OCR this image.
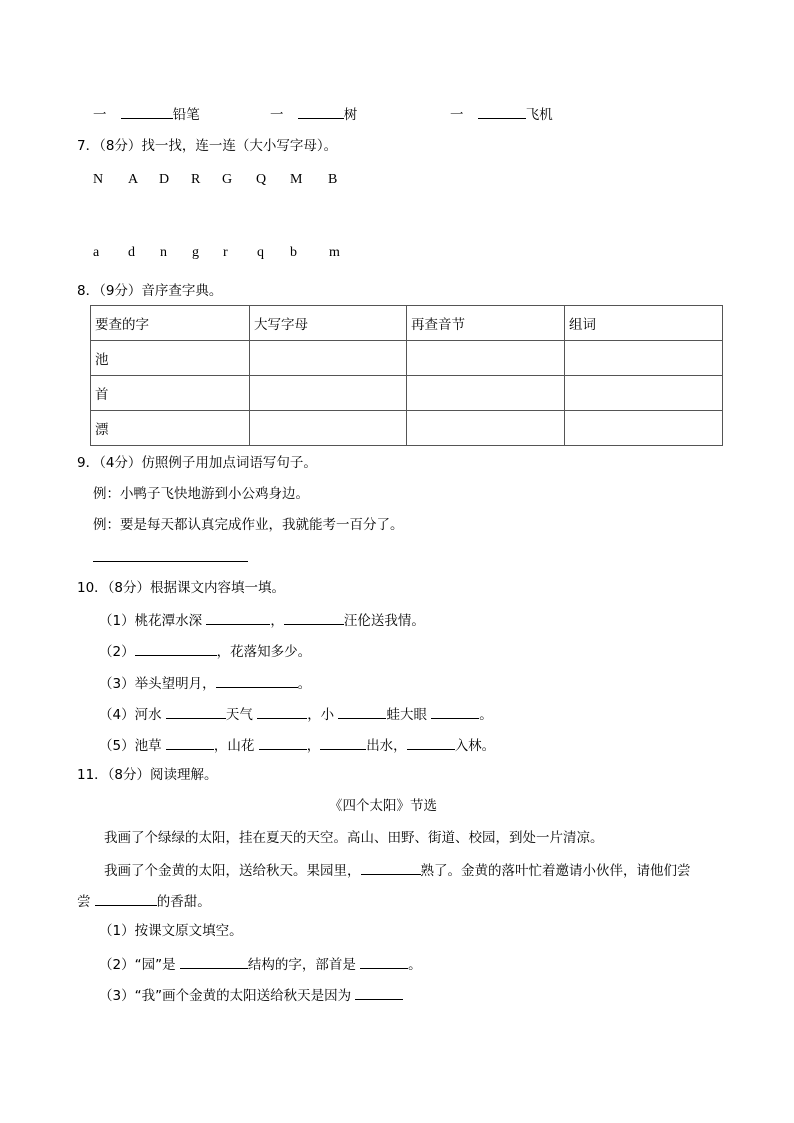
一	铅笔	一	树	一	飞机
7．（8分）找一找，连一连（大小写字母）。
N A D R G Q M B
a d n g r q b m
8．（9分）音序查字典。
要查的字	大写字母	再查音节	组词
池			
首			
漂			
9．（4分）仿照例子用加点词语写句子。
例：小鸭子飞快地游到小公鸡身边。
例：要是每天都认真完成作业，我就能考一百分了。
10．（8分）根据课文内容填一填。
（1）桃花潭水深	，	汪伦送我情。
（2）	，花落知多少。
（3）举头望明月，	。
（4）河水	天气	，小	蛙大眼	。
（5）池草	，山花	，	出水，	入林。
11．（8分）阅读理解。
《四个太阳》节选
我画了个绿绿的太阳，挂在夏天的天空。高山、田野、街道、校园，到处一片清凉。
我画了个金黄的太阳，送给秋天。果园里，	熟了。金黄的落叶忙着邀请小伙伴，请他们尝
尝	的香甜。
（1）按课文原文填空。
（2）“园”是	结构的字，部首是	。
（3）“我”画个金黄的太阳送给秋天是因为
